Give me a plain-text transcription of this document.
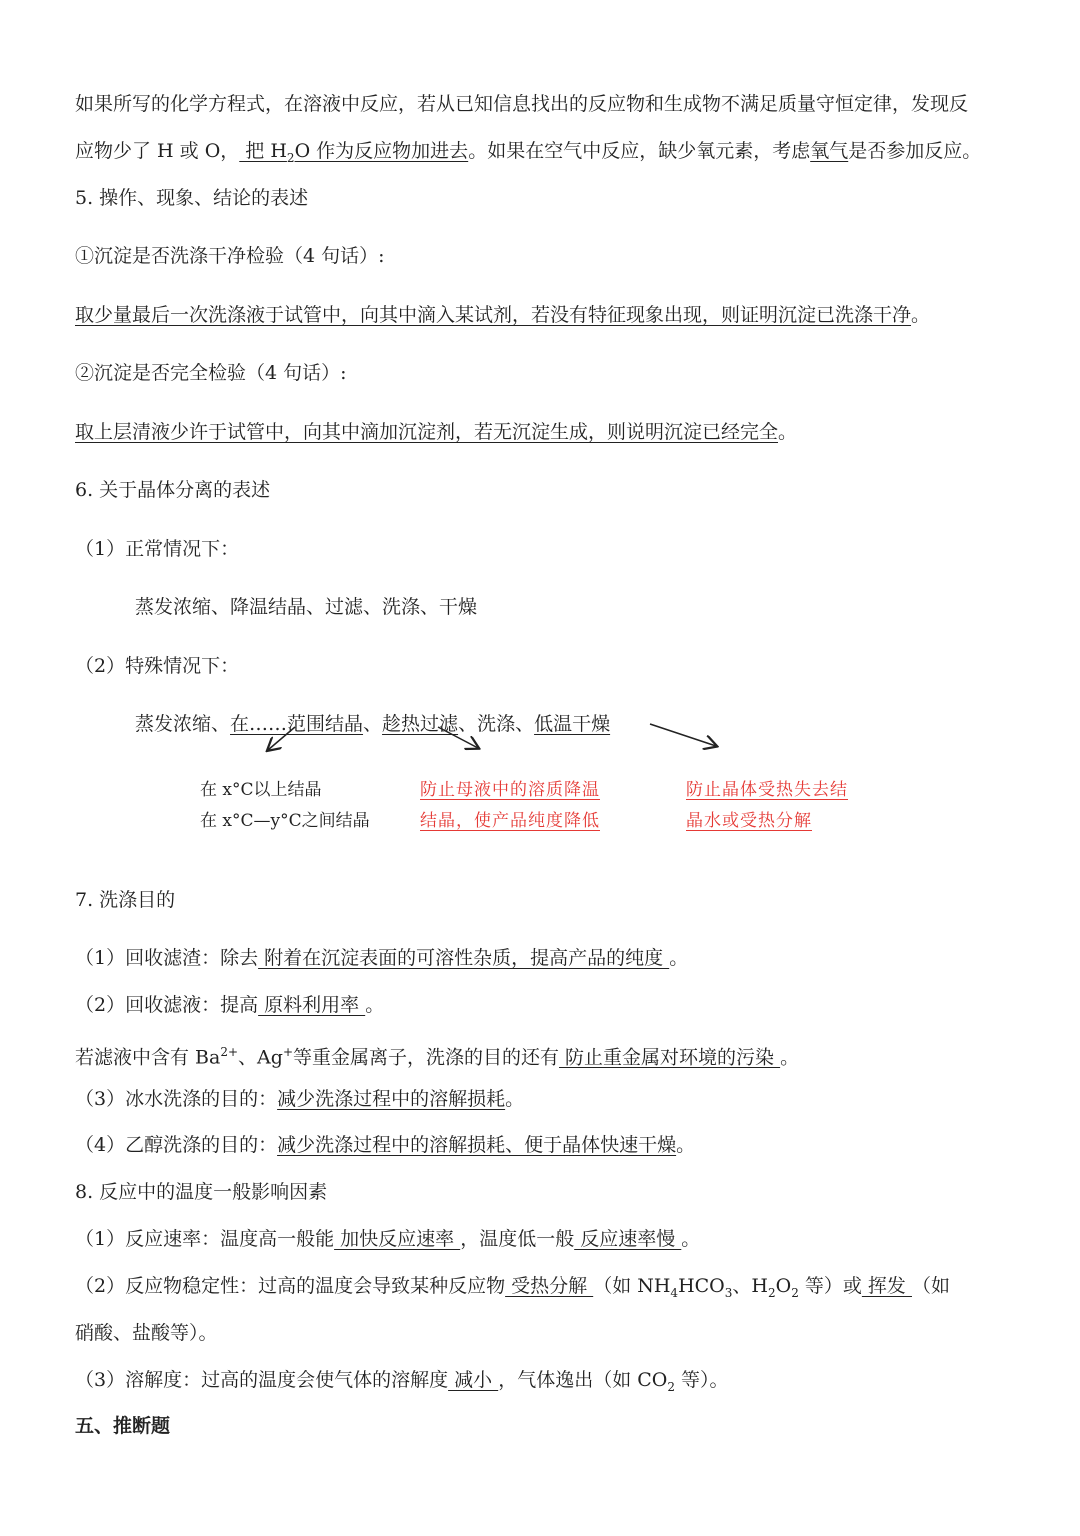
如果所写的化学方程式，在溶液中反应，若从已知信息找出的反应物和生成物不满足质量守恒定律，发现反
应物少了 H 或 O， 把 $H_2O$ 作为反应物加进去。如果在空气中反应，缺少氧元素，考虑氧气是否参加反应。
5. 操作、现象、结论的表述
①沉淀是否洗涤干净检验（4 句话）:
取少量最后一次洗涤液于试管中，向其中滴入某试剂，若没有特征现象出现，则证明沉淀已洗涤干净。
②沉淀是否完全检验（4 句话）:
取上层清液少许于试管中，向其中滴加沉淀剂，若无沉淀生成，则说明沉淀已经完全。
6. 关于晶体分离的表述
（1）正常情况下：
蒸发浓缩、降温结晶、过滤、洗涤、干燥
（2）特殊情况下：
蒸发浓缩、在……范围结晶、趁热过滤、洗涤、低温干燥
在 x°C以上结晶
在 x°C—y°C之间结晶
防止母液中的溶质降温
结晶，使产品纯度降低
防止晶体受热失去结
晶水或受热分解
7. 洗涤目的
（1）回收滤渣：除去 附着在沉淀表面的可溶性杂质，提高产品的纯度 。
（2）回收滤液：提高 原料利用率 。
若滤液中含有 $Ba^{2+}$、Ag+等重金属离子，洗涤的目的还有 防止重金属对环境的污染 。
（3）冰水洗涤的目的：减少洗涤过程中的溶解损耗。
（4）乙醇洗涤的目的：减少洗涤过程中的溶解损耗、便于晶体快速干燥。
8. 反应中的温度一般影响因素
（1）反应速率：温度高一般能 加快反应速率 ，温度低一般 反应速率慢 。
（2）反应物稳定性：过高的温度会导致某种反应物 受热分解 （如 $NH_4HCO_3$、$H_2O_2$ 等）或 挥发 （如
硝酸、盐酸等）。
（3）溶解度：过高的温度会使气体的溶解度 减小 ，气体逸出（如 $CO_2$ 等）。
五、推断题
